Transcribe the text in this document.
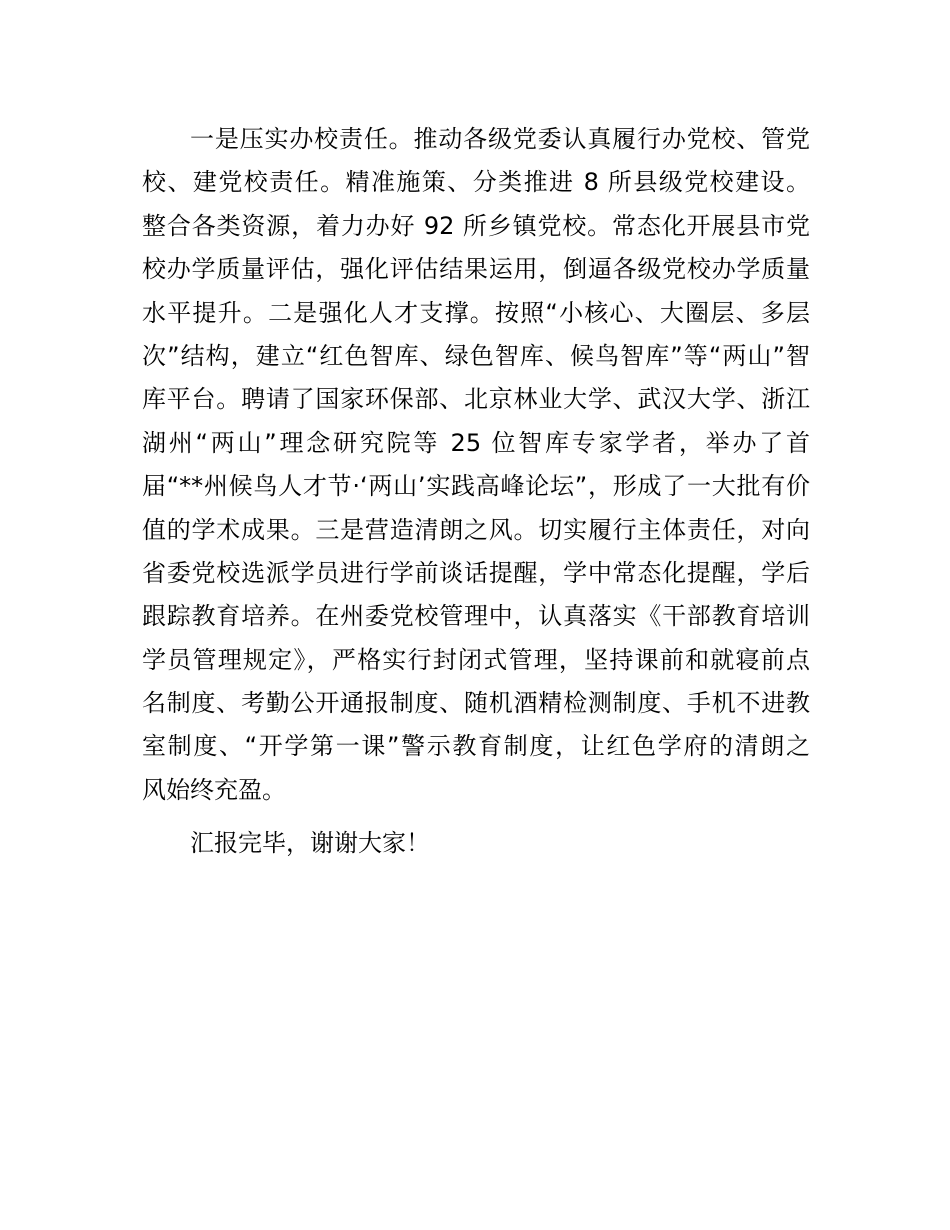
一是压实办校责任。推动各级党委认真履行办党校、管党
校、建党校责任。精准施策、分类推进 8 所县级党校建设。
整合各类资源，着力办好 92 所乡镇党校。常态化开展县市党
校办学质量评估，强化评估结果运用，倒逼各级党校办学质量
水平提升。二是强化人才支撑。按照“小核心、大圈层、多层
次”结构，建立“红色智库、绿色智库、候鸟智库”等“两山”智
库平台。聘请了国家环保部、北京林业大学、武汉大学、浙江
湖州“两山”理念研究院等 25 位智库专家学者，举办了首
届“**州候鸟人才节·‘两山’实践高峰论坛”，形成了一大批有价
值的学术成果。三是营造清朗之风。切实履行主体责任，对向
省委党校选派学员进行学前谈话提醒，学中常态化提醒，学后
跟踪教育培养。在州委党校管理中，认真落实《干部教育培训
学员管理规定》，严格实行封闭式管理，坚持课前和就寝前点
名制度、考勤公开通报制度、随机酒精检测制度、手机不进教
室制度、“开学第一课”警示教育制度，让红色学府的清朗之
风始终充盈。
汇报完毕，谢谢大家！
